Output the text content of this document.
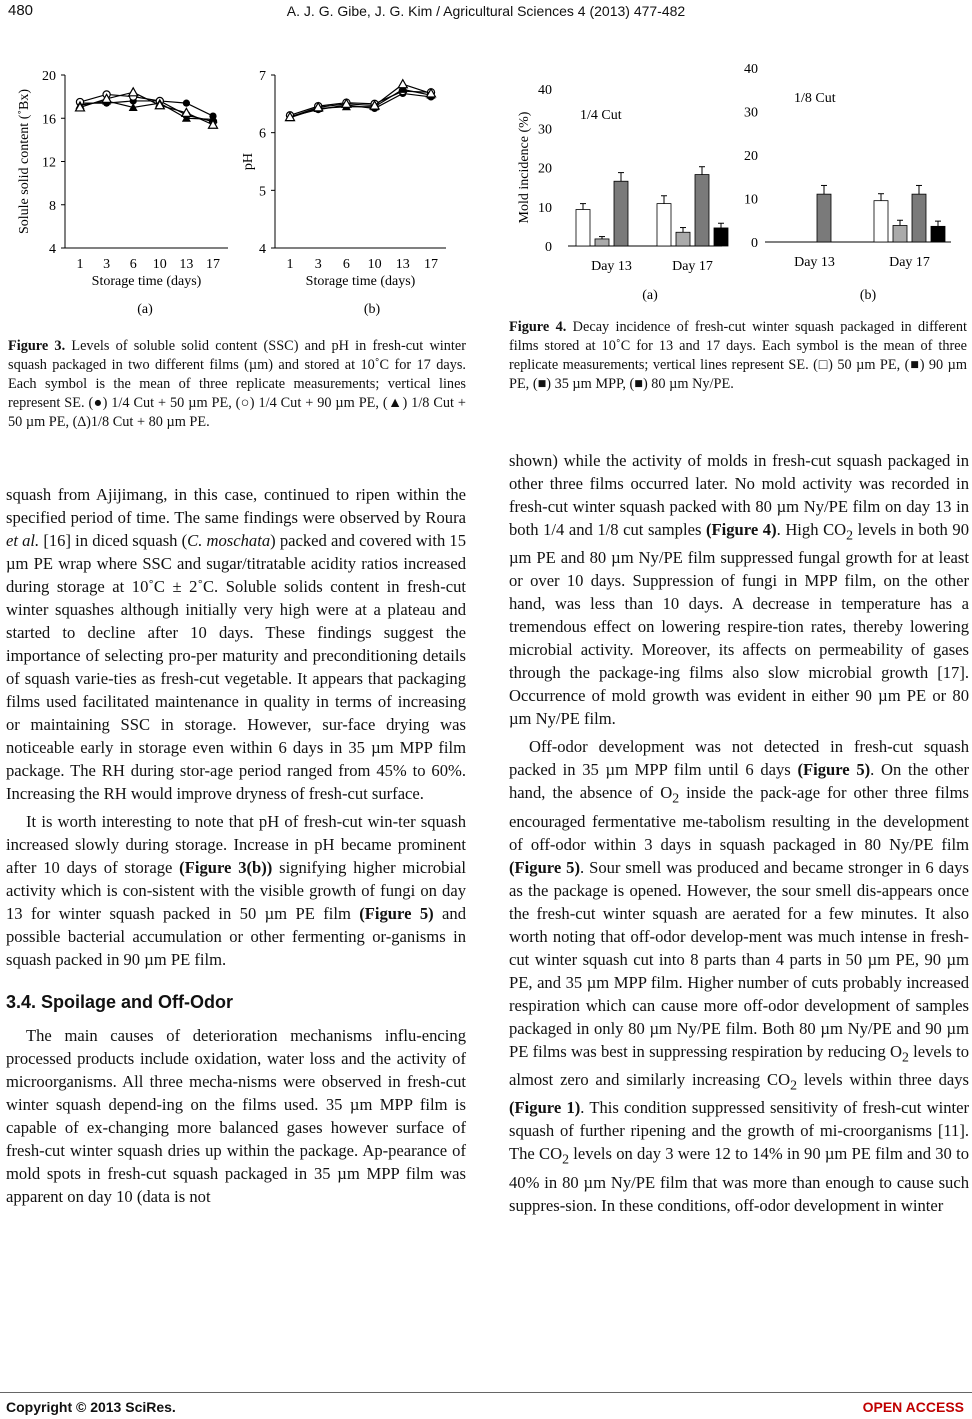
480	A. J. G. Gibe, J. G. Kim / Agricultural Sciences 4 (2013) 477-482
4
8
12
16
20
1 3 6 10 13 17
Storage time (days)
Solule solid content (˚Bx)
4
5
6
7
1 3 6 10 13 17
Storage time (days)
pH
(a)	(b)
Figure 3. Levels of soluble solid content (SSC) and pH in fresh-cut winter squash packaged in two different films (µm) and stored at 10˚C for 17 days. Each symbol is the mean of three replicate measurements; vertical lines represent SE. (●) 1/4 Cut + 50 µm PE, (○) 1/4 Cut + 90 µm PE, (▲) 1/8 Cut + 50 µm PE, (∆)1/8 Cut + 80 µm PE.
0
10
20
30
40
Mold incidence (%)	1/4 Cut
Day 13	Day 17
0
10
20
30
40
1/8 Cut
Day 13	Day 17
(a)	(b)
Figure 4. Decay incidence of fresh-cut winter squash packaged in different films stored at 10˚C for 13 and 17 days. Each symbol is the mean of three replicate measurements; vertical lines represent SE. (□) 50 µm PE, (■) 90 µm PE, (■) 35 µm MPP, (■) 80 µm Ny/PE.

squash from Ajijimang, in this case, continued to ripen within the specified period of time. The same findings were observed by Roura et al. [16] in diced squash (C. moschata) packed and covered with 15 µm PE wrap where SSC and sugar/titratable acidity ratios increased during storage at 10˚C ± 2˚C. Soluble solids content in fresh-cut winter squashes although initially very high were at a plateau and started to decline after 10 days. These findings suggest the importance of selecting pro-per maturity and preconditioning details of squash varie-ties as fresh-cut vegetable. It appears that packaging films used facilitated maintenance in quality in terms of increasing or maintaining SSC in storage. However, sur-face drying was noticeable early in storage even within 6 days in 35 µm MPP film package. The RH during stor-age period ranged from 45% to 60%. Increasing the RH would improve dryness of fresh-cut surface.

It is worth interesting to note that pH of fresh-cut win-ter squash increased slowly during storage. Increase in pH became prominent after 10 days of storage (Figure 3(b)) signifying higher microbial activity which is con-sistent with the visible growth of fungi on day 13 for winter squash packed in 50 µm PE film (Figure 5) and possible bacterial accumulation or other fermenting or-ganisms in squash packed in 90 µm PE film.

3.4. Spoilage and Off-Odor

The main causes of deterioration mechanisms influ-encing processed products include oxidation, water loss and the activity of microorganisms. All three mecha-nisms were observed in fresh-cut winter squash depend-ing on the films used. 35 µm MPP film is capable of ex-changing more balanced gases however surface of fresh-cut winter squash dries up within the package. Ap-pearance of mold spots in fresh-cut squash packaged in 35 µm MPP film was apparent on day 10 (data is not

shown) while the activity of molds in fresh-cut squash packaged in other three films occurred later. No mold activity was recorded in fresh-cut winter squash packed with 80 µm Ny/PE film on day 13 in both 1/4 and 1/8 cut samples (Figure 4). High $CO_2$ levels in both 90 µm PE and 80 µm Ny/PE film suppressed fungal growth for at least or over 10 days. Suppression of fungi in MPP film, on the other hand, was less than 10 days. A decrease in temperature has a tremendous effect on lowering respire-tion rates, thereby lowering microbial activity. Moreover, its affects on permeability of gases through the package-ing films also slow microbial growth [17]. Occurrence of mold growth was evident in either 90 µm PE or 80 µm Ny/PE film.

Off-odor development was not detected in fresh-cut squash packed in 35 µm MPP film until 6 days (Figure 5). On the other hand, the absence of $O_2$ inside the pack-age for other three films encouraged fermentative me-tabolism resulting in the development of off-odor within 3 days in squash packaged in 80 Ny/PE film (Figure 5). Sour smell was produced and became stronger in 6 days as the package is opened. However, the sour smell dis-appears once the fresh-cut winter squash are aerated for a few minutes. It also worth noting that off-odor develop-ment was much intense in fresh-cut winter squash cut into 8 parts than 4 parts in 50 µm PE, 90 µm PE, and 35 µm MPP film. Higher number of cuts probably increased respiration which can cause more off-odor development of samples packaged in only 80 µm Ny/PE film. Both 80 µm Ny/PE and 90 µm PE films was best in suppressing respiration by reducing $O_2$ levels to almost zero and similarly increasing $CO_2$ levels within three days (Figure 1). This condition suppressed sensitivity of fresh-cut winter squash of further ripening and the growth of mi-croorganisms [11]. The $CO_2$ levels on day 3 were 12 to 14% in 90 µm PE film and 30 to 40% in 80 µm Ny/PE film that was more than enough to cause such suppres-sion. In these conditions, off-odor development in winter

Copyright © 2013 SciRes.	OPEN ACCESS
